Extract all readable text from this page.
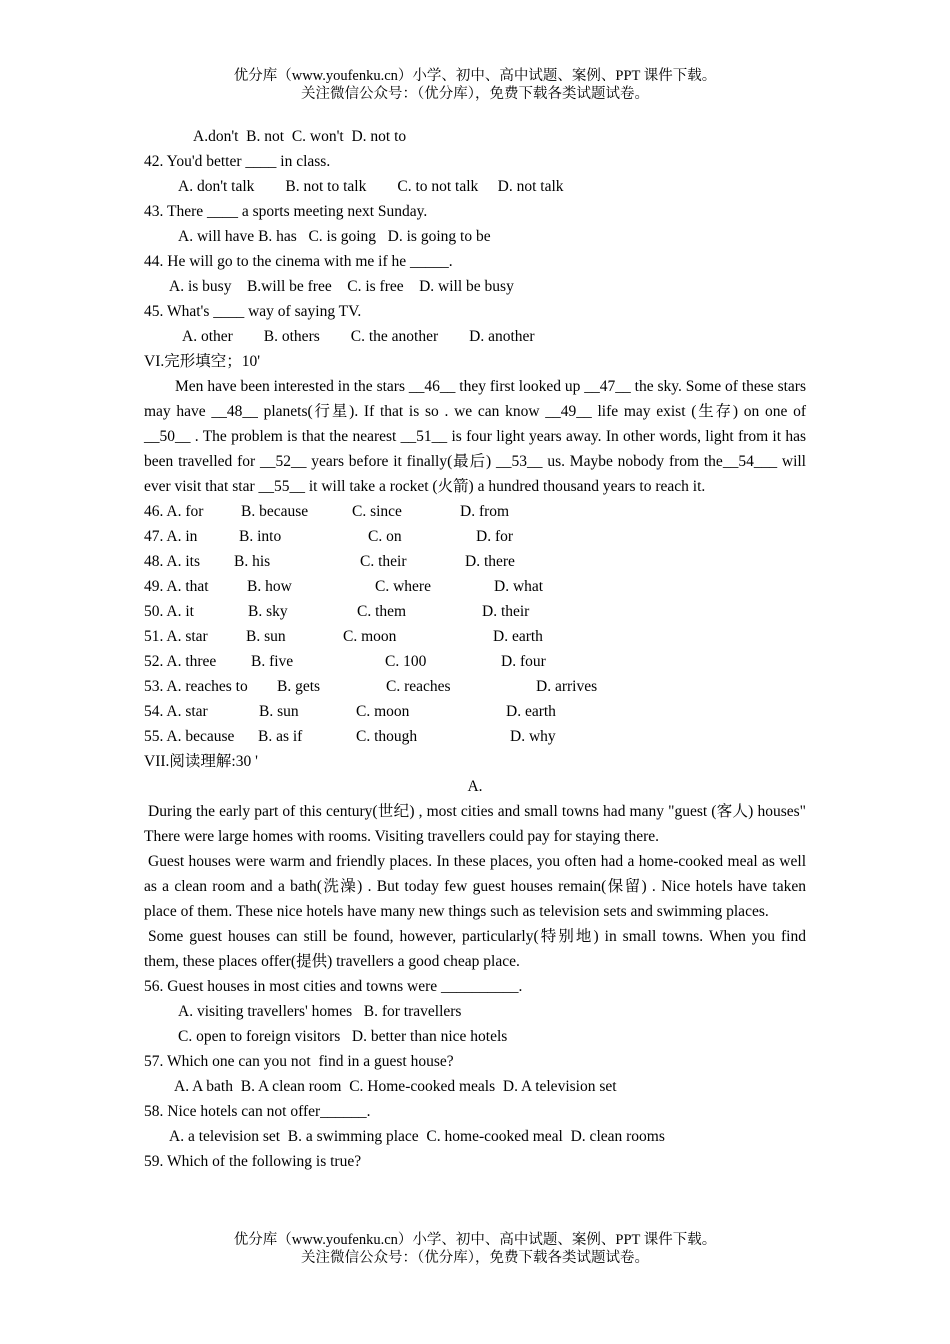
优分库（www.youfenku.cn）小学、初中、高中试题、案例、PPT 课件下载。
关注微信公众号：（优分库），免费下载各类试题试卷。
A.don't  B. not  C. won't  D. not to
42. You'd better ____ in class.
A. don't talk        B. not to talk        C. to not talk     D. not talk
43. There ____ a sports meeting next Sunday.
A. will have B. has   C. is going   D. is going to be
44. He will go to the cinema with me if he _____.
A. is busy    B.will be free    C. is free    D. will be busy
45. What's ____ way of saying TV.
A. other        B. others        C. the another        D. another
VI.完形填空；10'
Men have been interested in the stars __46__ they first looked up __47__ the sky. Some of these stars may have __48__ planets(行星). If that is so . we can know __49__ life may exist (生存) on one of __50__ . The problem is that the nearest __51__ is four light years away. In other words, light from it has been travelled for __52__ years before it finally(最后) __53__ us. Maybe nobody from the__54___ will ever visit that star __55__ it will take a rocket (火箭) a hundred thousand years to reach it.
46. A. for	B. because	C. since	D. from
47. A. in	B. into	C. on	D. for
48. A. its	B. his	C. their	D. there
49. A. that	B. how	C. where	D. what
50. A. it	B. sky	C. them	D. their
51. A. star	B. sun	C. moon	D. earth
52. A. three	B. five	C. 100	D. four
53. A. reaches to	B. gets	C. reaches	D. arrives
54. A. star	B. sun	C. moon	D. earth
55. A. because	B. as if	C. though	D. why
VII.阅读理解:30 '
A.
During the early part of this century(世纪) , most cities and small towns had many "guest (客人) houses" There were large homes with rooms. Visiting travellers could pay for staying there.
Guest houses were warm and friendly places. In these places, you often had a home-cooked meal as well as a clean room and a bath(洗澡) . But today few guest houses remain(保留) . Nice hotels have taken place of them. These nice hotels have many new things such as television sets and swimming places.
Some guest houses can still be found, however, particularly(特别地) in small towns. When you find them, these places offer(提供) travellers a good cheap place.
56. Guest houses in most cities and towns were __________.
A. visiting travellers' homes   B. for travellers
C. open to foreign visitors   D. better than nice hotels
57. Which one can you not  find in a guest house?
A. A bath  B. A clean room  C. Home-cooked meals  D. A television set
58. Nice hotels can not offer______.
A. a television set  B. a swimming place  C. home-cooked meal  D. clean rooms
59. Which of the following is true?
优分库（www.youfenku.cn）小学、初中、高中试题、案例、PPT 课件下载。
关注微信公众号：（优分库），免费下载各类试题试卷。
